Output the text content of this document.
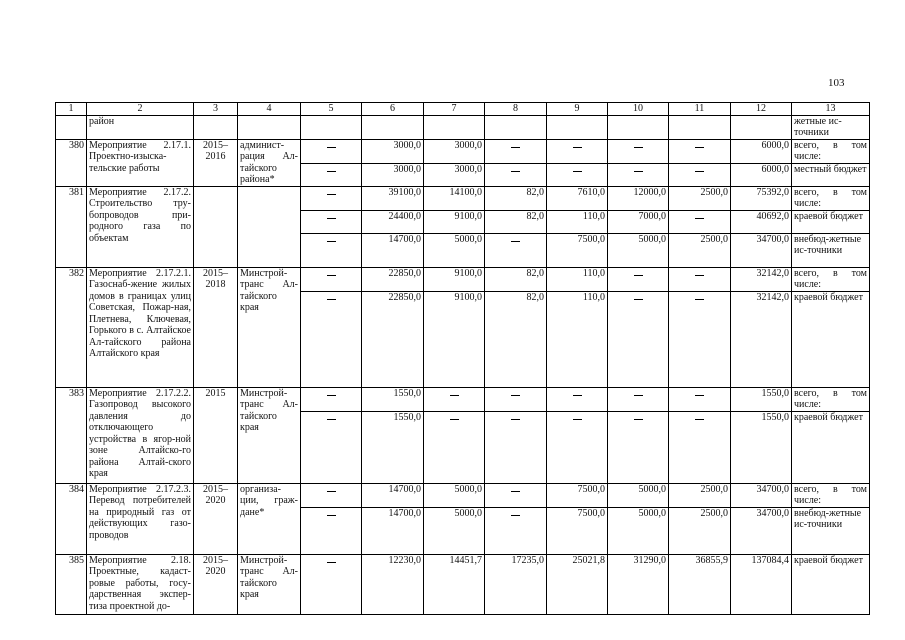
103
1	2	3	4	5	6	7	8	9	10	11	12	13
	район											жетные ис-точники
380	Мероприятие 2.17.1. Проектно-изыска-тельские работы	2015–2016	админист-рация Ал-тайского района*		3000,0	3000,0					6000,0	всего, в том числе:
					3000,0	3000,0					6000,0	местный бюджет
381	Мероприятие 2.17.2. Строительство тру-бопроводов при-родного газа по объектам				39100,0	14100,0	82,0	7610,0	12000,0	2500,0	75392,0	всего, в том числе:
					24400,0	9100,0	82,0	110,0	7000,0		40692,0	краевой бюджет
					14700,0	5000,0		7500,0	5000,0	2500,0	34700,0	внебюд-жетные ис-точники
382	Мероприятие 2.17.2.1. Газоснаб-жение жилых домов в границах улиц Советская, Пожар-ная, Плетнева, Ключевая, Горького в с. Алтайское Ал-тайского района Алтайского края	2015–2018	Минстрой-транс Ал-тайского края		22850,0	9100,0	82,0	110,0			32142,0	всего, в том числе:
					22850,0	9100,0	82,0	110,0			32142,0	краевой бюджет
383	Мероприятие 2.17.2.2. Газопровод высокого давления до отключающего устройства в ягор-ной зоне Алтайско-го района Алтай-ского края	2015	Минстрой-транс Ал-тайского края		1550,0						1550,0	всего, в том числе:
					1550,0						1550,0	краевой бюджет
384	Мероприятие 2.17.2.3. Перевод потребителей на природный газ от действующих газо-проводов	2015–2020	организа-ции, граж-дане*		14700,0	5000,0		7500,0	5000,0	2500,0	34700,0	всего, в том числе:
					14700,0	5000,0		7500,0	5000,0	2500,0	34700,0	внебюд-жетные ис-точники
385	Мероприятие 2.18. Проектные, кадаст-ровые работы, госу-дарственная экспер-тиза проектной до-	2015–2020	Минстрой-транс Ал-тайского края		12230,0	14451,7	17235,0	25021,8	31290,0	36855,9	137084,4	краевой бюджет
